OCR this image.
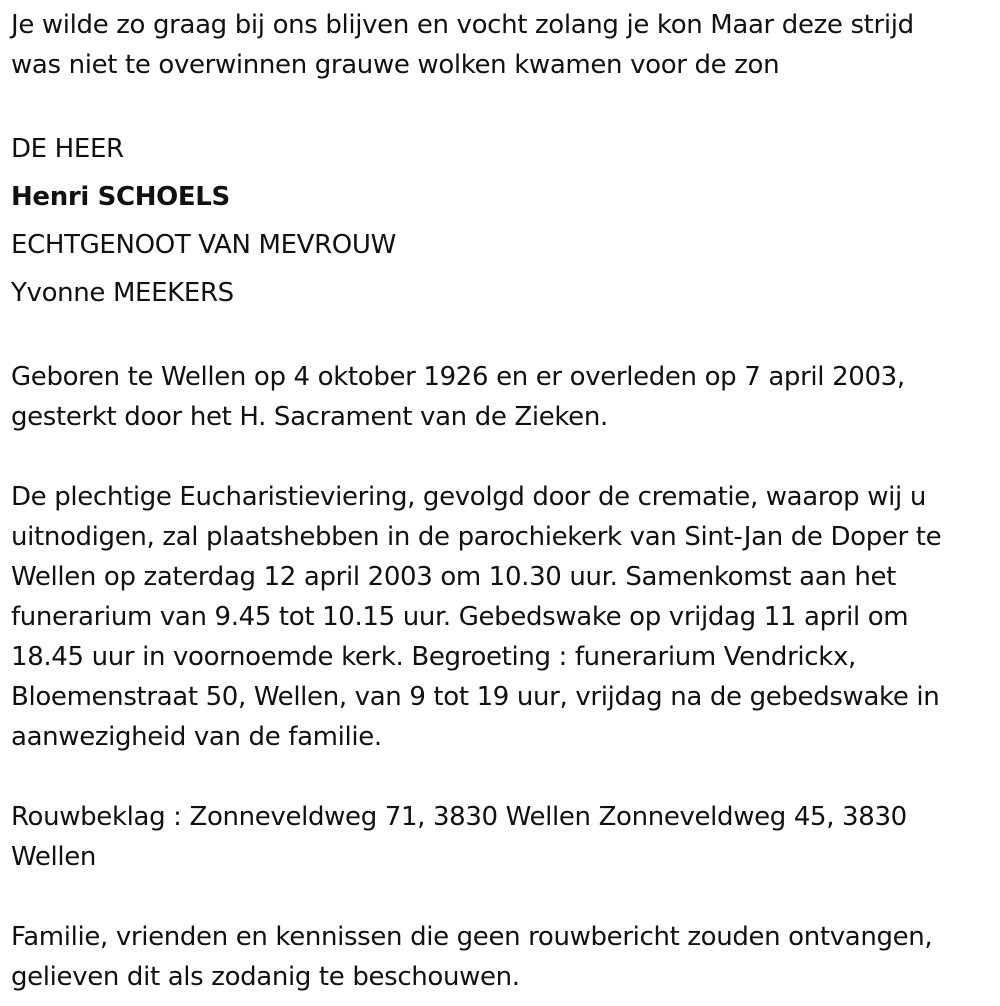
Je wilde zo graag bij ons blijven en vocht zolang je kon Maar deze strijd
was niet te overwinnen grauwe wolken kwamen voor de zon
DE HEER
Henri SCHOELS
ECHTGENOOT VAN MEVROUW
Yvonne MEEKERS
Geboren te Wellen op 4 oktober 1926 en er overleden op 7 april 2003,
gesterkt door het H. Sacrament van de Zieken.
De plechtige Eucharistieviering, gevolgd door de crematie, waarop wij u
uitnodigen, zal plaatshebben in de parochiekerk van Sint-Jan de Doper te
Wellen op zaterdag 12 april 2003 om 10.30 uur. Samenkomst aan het
funerarium van 9.45 tot 10.15 uur. Gebedswake op vrijdag 11 april om
18.45 uur in voornoemde kerk. Begroeting : funerarium Vendrickx,
Bloemenstraat 50, Wellen, van 9 tot 19 uur, vrijdag na de gebedswake in
aanwezigheid van de familie.
Rouwbeklag : Zonneveldweg 71, 3830 Wellen Zonneveldweg 45, 3830
Wellen
Familie, vrienden en kennissen die geen rouwbericht zouden ontvangen,
gelieven dit als zodanig te beschouwen.
